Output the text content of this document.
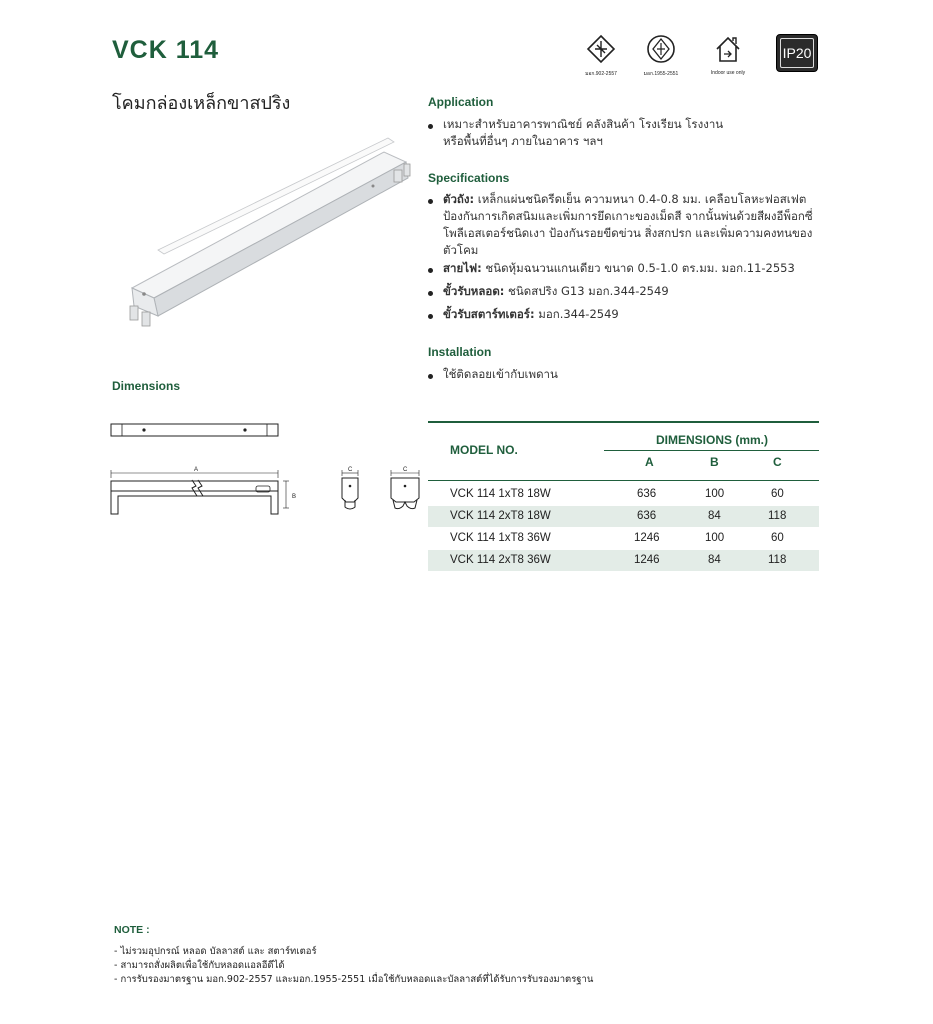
VCK 114
โคมกล่องเหล็กขาสปริง
มอก.902-2557	มอก.1955-2551	Indoor use only
IP20
Application
เหมาะสำหรับอาคารพาณิชย์ คลังสินค้า โรงเรียน โรงงาน
หรือพื้นที่อื่นๆ ภายในอาคาร ฯลฯ
Specifications
ตัวถัง: เหล็กแผ่นชนิดรีดเย็น ความหนา 0.4-0.8 มม. เคลือบโลหะฟอสเฟต
ป้องกันการเกิดสนิมและเพิ่มการยึดเกาะของเม็ดสี จากนั้นพ่นด้วยสีผงอีพ็อกซี่
โพลีเอสเตอร์ชนิดเงา ป้องกันรอยขีดข่วน สิ่งสกปรก และเพิ่มความคงทนของ
ตัวโคม
สายไฟ: ชนิดหุ้มฉนวนแกนเดียว ขนาด 0.5-1.0 ตร.มม. มอก.11-2553
ขั้วรับหลอด: ชนิดสปริง G13 มอก.344-2549
ขั้วรับสตาร์ทเตอร์: มอก.344-2549
Installation
ใช้ติดลอยเข้ากับเพดาน
Dimensions
A
B
C	C
MODEL NO.
DIMENSIONS (mm.)
A	B	C
VCK 114 1xT8 18W	636	100	60
VCK 114 2xT8 18W	636	84	118
VCK 114 1xT8 36W	1246	100	60
VCK 114 2xT8 36W	1246	84	118
NOTE :
- ไม่รวมอุปกรณ์ หลอด บัลลาสต์ และ สตาร์ทเตอร์
- สามารถสั่งผลิตเพื่อใช้กับหลอดแอลอีดีได้
- การรับรองมาตรฐาน มอก.902-2557 และมอก.1955-2551 เมื่อใช้กับหลอดและบัลลาสต์ที่ได้รับการรับรองมาตรฐาน
